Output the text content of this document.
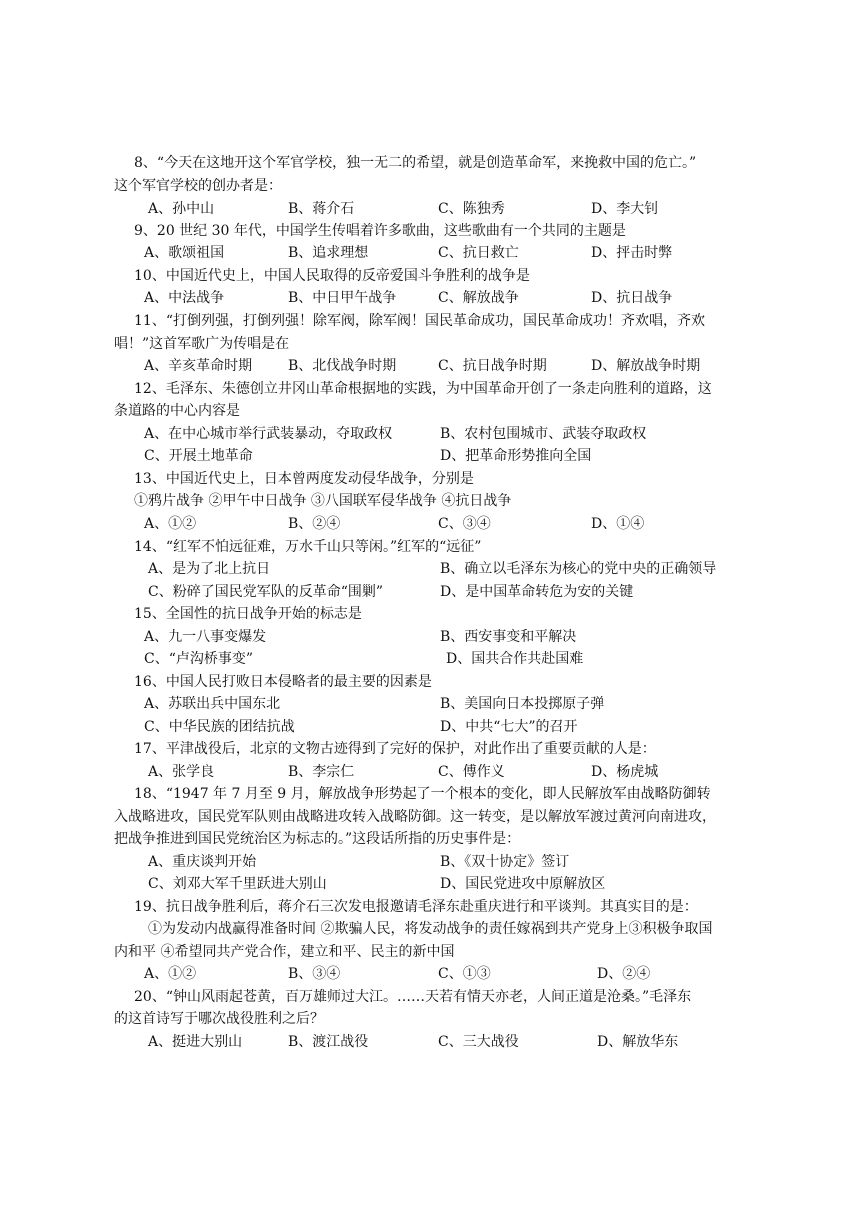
8、“今天在这地开这个军官学校，独一无二的希望，就是创造革命军，来挽救中国的危亡。”
这个军官学校的创办者是：
A、孙中山	B、蒋介石	C、陈独秀	D、李大钊
9、20 世纪 30 年代，中国学生传唱着许多歌曲，这些歌曲有一个共同的主题是
A、歌颂祖国	B、追求理想	C、抗日救亡	D、抨击时弊
10、中国近代史上，中国人民取得的反帝爱国斗争胜利的战争是
A、中法战争	B、中日甲午战争	C、解放战争	D、抗日战争
11、“打倒列强，打倒列强！除军阀，除军阀！国民革命成功，国民革命成功！齐欢唱，齐欢
唱！”这首军歌广为传唱是在
A、辛亥革命时期	B、北伐战争时期	C、抗日战争时期	D、解放战争时期
12、毛泽东、朱德创立井冈山革命根据地的实践，为中国革命开创了一条走向胜利的道路，这
条道路的中心内容是
A、在中心城市举行武装暴动，夺取政权	B、农村包围城市、武装夺取政权
C、开展土地革命	D、把革命形势推向全国
13、中国近代史上，日本曾两度发动侵华战争，分别是
①鸦片战争 ②甲午中日战争 ③八国联军侵华战争 ④抗日战争
A、①②	B、②④	C、③④	D、①④
14、“红军不怕远征难，万水千山只等闲。”红军的“远征”
A、是为了北上抗日	B、确立以毛泽东为核心的党中央的正确领导
C、粉碎了国民党军队的反革命“围剿”	D、是中国革命转危为安的关键
15、全国性的抗日战争开始的标志是
A、九一八事变爆发	B、西安事变和平解决
C、“卢沟桥事变”	D、国共合作共赴国难
16、中国人民打败日本侵略者的最主要的因素是
A、苏联出兵中国东北	B、美国向日本投掷原子弹
C、中华民族的团结抗战	D、中共“七大”的召开
17、平津战役后，北京的文物古迹得到了完好的保护，对此作出了重要贡献的人是：
A、张学良	B、李宗仁	C、傅作义	D、杨虎城
18、“1947 年 7 月至 9 月，解放战争形势起了一个根本的变化，即人民解放军由战略防御转
入战略进攻，国民党军队则由战略进攻转入战略防御。这一转变，是以解放军渡过黄河向南进攻，
把战争推进到国民党统治区为标志的。”这段话所指的历史事件是：
A、重庆谈判开始	B、《双十协定》签订
C、刘邓大军千里跃进大别山	D、国民党进攻中原解放区
19、抗日战争胜利后，蒋介石三次发电报邀请毛泽东赴重庆进行和平谈判。其真实目的是：
①为发动内战赢得准备时间 ②欺骗人民，将发动战争的责任嫁祸到共产党身上③积极争取国
内和平 ④希望同共产党合作，建立和平、民主的新中国
A、①②	B、③④	C、①③	D、②④
20、“钟山风雨起苍黄，百万雄师过大江。……天若有情天亦老，人间正道是沧桑。”毛泽东
的这首诗写于哪次战役胜利之后？
A、挺进大别山	B、渡江战役	C、三大战役	D、解放华东
